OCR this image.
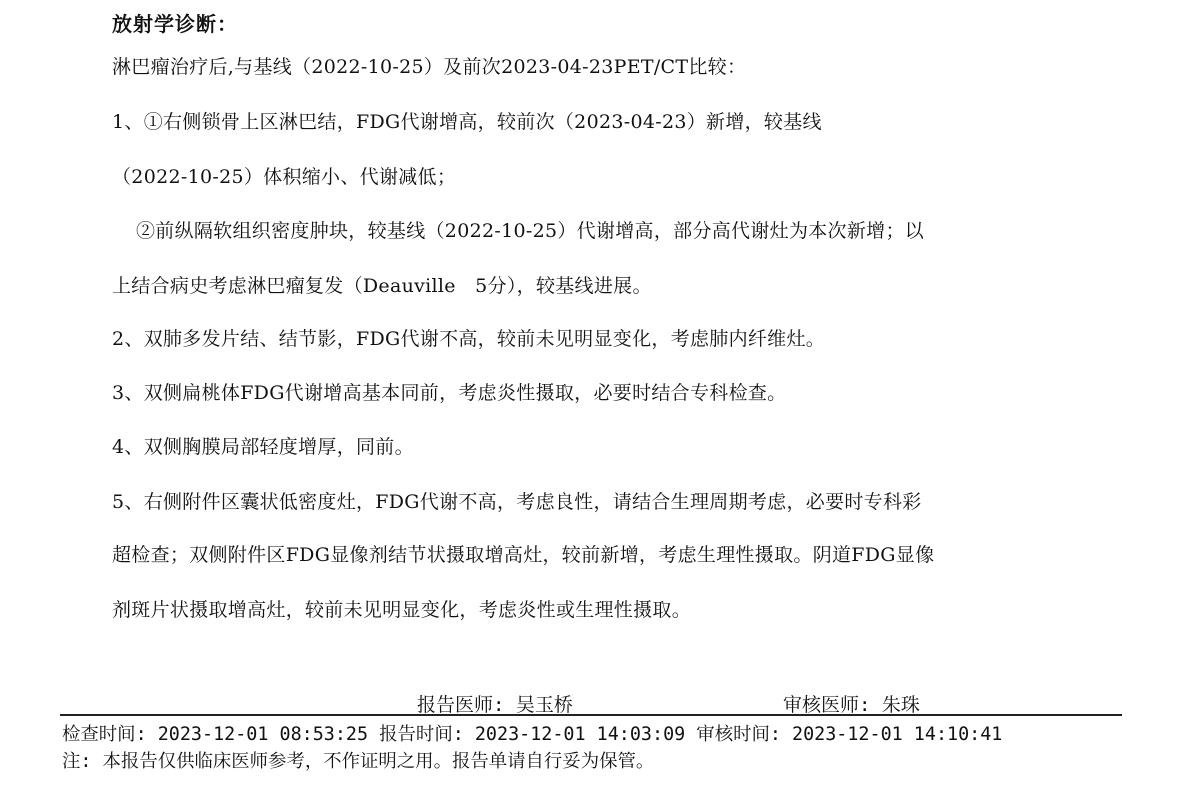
放射学诊断：
淋巴瘤治疗后,与基线（2022-10-25）及前次2023-04-23PET/CT比较：
1、①右侧锁骨上区淋巴结，FDG代谢增高，较前次（2023-04-23）新增，较基线
（2022-10-25）体积缩小、代谢减低；
②前纵隔软组织密度肿块，较基线（2022-10-25）代谢增高，部分高代谢灶为本次新增；以
上结合病史考虑淋巴瘤复发（Deauville　5分），较基线进展。
2、双肺多发片结、结节影，FDG代谢不高，较前未见明显变化，考虑肺内纤维灶。
3、双侧扁桃体FDG代谢增高基本同前，考虑炎性摄取，必要时结合专科检查。
4、双侧胸膜局部轻度增厚，同前。
5、右侧附件区囊状低密度灶，FDG代谢不高，考虑良性，请结合生理周期考虑，必要时专科彩
超检查；双侧附件区FDG显像剂结节状摄取增高灶，较前新增，考虑生理性摄取。阴道FDG显像
剂斑片状摄取增高灶，较前未见明显变化，考虑炎性或生理性摄取。
报告医师: 吴玉桥	审核医师: 朱珠
检查时间: 2023-12-01 08:53:25 报告时间: 2023-12-01 14:03:09 审核时间: 2023-12-01 14:10:41
注: 本报告仅供临床医师参考，不作证明之用。报告单请自行妥为保管。
